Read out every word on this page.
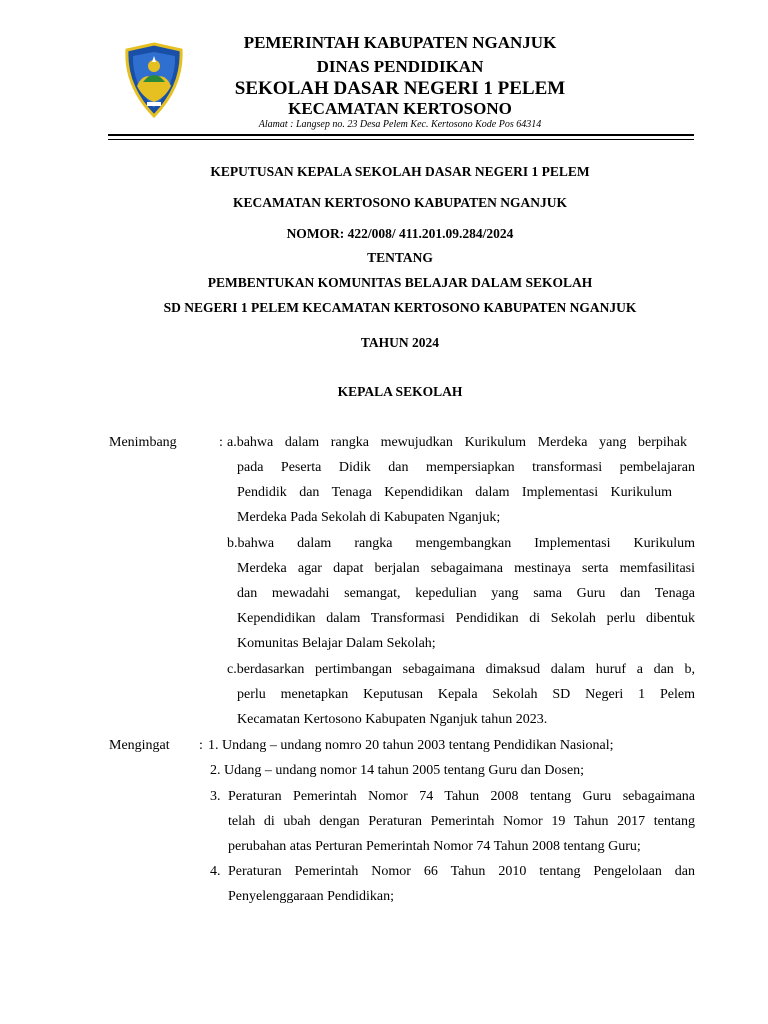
PEMERINTAH KABUPATEN NGANJUK
DINAS PENDIDIKAN
SEKOLAH DASAR NEGERI 1 PELEM
KECAMATAN KERTOSONO
Alamat : Langsep no. 23 Desa Pelem Kec. Kertosono Kode Pos 64314
KEPUTUSAN KEPALA SEKOLAH DASAR NEGERI 1 PELEM
KECAMATAN KERTOSONO KABUPATEN NGANJUK
NOMOR: 422/008/ 411.201.09.284/2024
TENTANG
PEMBENTUKAN KOMUNITAS BELAJAR DALAM SEKOLAH
SD NEGERI 1 PELEM KECAMATAN KERTOSONO KABUPATEN NGANJUK
TAHUN 2024
KEPALA SEKOLAH
Menimbang	: a.bahwa dalam rangka mewujudkan Kurikulum Merdeka yang berpihak
pada Peserta Didik dan mempersiapkan transformasi pembelajaran
Pendidik dan Tenaga Kependidikan dalam Implementasi Kurikulum
Merdeka Pada Sekolah di Kabupaten Nganjuk;
b.bahwa dalam rangka mengembangkan Implementasi Kurikulum
Merdeka agar dapat berjalan sebagaimana mestinaya serta memfasilitasi
dan mewadahi semangat, kepedulian yang sama Guru dan Tenaga
Kependidikan dalam Transformasi Pendidikan di Sekolah perlu dibentuk
Komunitas Belajar Dalam Sekolah;
c.berdasarkan pertimbangan sebagaimana dimaksud dalam huruf a dan b,
perlu menetapkan Keputusan Kepala Sekolah SD Negeri 1 Pelem
Kecamatan Kertosono Kabupaten Nganjuk tahun 2023.
Mengingat : 1. Undang – undang nomro 20 tahun 2003 tentang Pendidikan Nasional;
2. Udang – undang nomor 14 tahun 2005 tentang Guru dan Dosen;
3. Peraturan Pemerintah Nomor 74 Tahun 2008 tentang Guru sebagaimana
telah di ubah dengan Peraturan Pemerintah Nomor 19 Tahun 2017 tentang
perubahan atas Perturan Pemerintah Nomor 74 Tahun 2008 tentang Guru;
4. Peraturan Pemerintah Nomor 66 Tahun 2010 tentang Pengelolaan dan
Penyelenggaraan Pendidikan;
